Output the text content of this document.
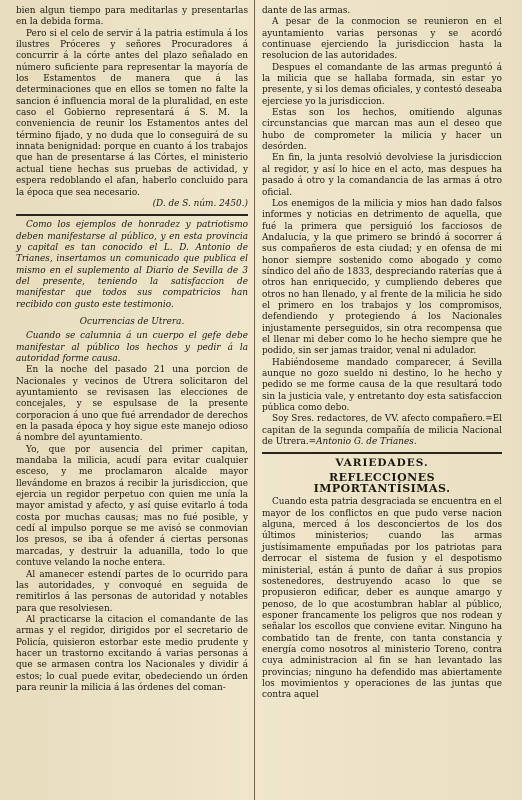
bien algun tiempo para meditarlas y presentarlas en la debida forma.

Pero si el celo de servir á la patria estimula á los ilustres Próceres y señores Procuradores á concurrir á la córte antes del plazo señalado en número suficiente para representar la mayoría de los Estamentos de manera que á las determinaciones que en ellos se tomen no falte la sancion é influencia moral de la pluralidad, en este caso el Gobierno representará á S. M. la conveniencia de reunir los Estamentos antes del término fijado, y no duda que lo conseguirá de su innata benignidad: porque en cuanto á los trabajos que han de presentarse á las Córtes, el ministerio actual tiene hechas sus pruebas de actividad, y espera redoblando el afan, haberlo concluido para la época que sea necesario.

(D. de S. núm. 2450.)

Como los ejemplos de honradez y patriotismo deben manifestarse al público, y en esta provincia y capital es tan conocido el L. D. Antonio de Trianes, insertamos un comunicado que publica el mismo en el suplemento al Diario de Sevilla de 3 del presente, teniendo la satisfaccion de manifestar que todos sus compatricios han recibido con gusto este testimonio.

Ocurrencias de Utrera.

Cuando se calumnia á un cuerpo el gefe debe manifestar al público los hechos y pedir á la autoridad forme causa.

En la noche del pasado 21 una porcion de Nacionales y vecinos de Utrera solicitaron del ayuntamiento se revisasen las elecciones de concejales, y se espulsase de la presente corporacion á uno que fué arrendador de derechos en la pasada época y hoy sigue este manejo odioso á nombre del ayuntamiento.

Yo, que por ausencia del primer capitan, mandaba la milicia, acudí para evitar cualquier esceso, y me proclamaron alcalde mayor llevándome en brazos á recibir la jurisdiccion, que ejercia un regidor perpetuo con quien me unía la mayor amistad y afecto, y así quise evitarlo á toda costa por muchas causas; mas no fué posible, y cedí al impulso porque se me avisó se conmovian los presos, se iba á ofender á ciertas personas marcadas, y destruir la aduanilla, todo lo que contuve velando la noche entera.

Al amanecer estendí partes de lo ocurrido para las autoridades, y convoqué en seguida de remitirlos á las personas de autoridad y notables para que resolviesen.

Al practicarse la citacion el comandante de las armas y el regidor, dirigidos por el secretario de Policía, quisieron estorbar este medio prudente y hacer un trastorno excitando á varias personas á que se armasen contra los Nacionales y dividir á estos; lo cual puede evitar, obedeciendo un órden para reunir la milicia á las órdenes del coman-

dante de las armas.

A pesar de la conmocion se reunieron en el ayuntamiento varias personas y se acordó continuase ejerciendo la jurisdiccion hasta la resolucion de las autoridades.

Despues el comandante de las armas preguntó á la milicia que se hallaba formada, sin estar yo presente, y si los demas oficiales, y contestó deseaba ejerciese yo la jurisdiccion.

Estas son los hechos, omitiendo algunas circunstancias que marcan mas aun el deseo que hubo de comprometer la milicia y hacer un desórden.

En fin, la junta resolvió devolviese la jurisdiccion al regidor, y así lo hice en el acto, mas despues ha pasado á otro y la comandancia de las armas á otro oficial.

Los enemigos de la milicia y mios han dado falsos informes y noticias en detrimento de aquella, que fué la primera que persiguió los facciosos de Andalucía, y la que primero se brindó á socorrer á sus compañeros de esta ciudad; y en ofensa de mi honor siempre sostenido como abogado y como síndico del año de 1833, despreciando raterías que á otros han enriquecido, y cumpliendo deberes que otros no han llenado, y al frente de la milicia he sido el primero en los trabajos y los compromisos, defendiendo y protegiendo á los Nacionales injustamente perseguidos, sin otra recompensa que el llenar mi deber como lo he hecho siempre que he podido, sin ser jamas traidor, venal ni adulador.

Habiéndoseme mandado comparecer, á Sevilla aunque no gozo sueldo ni destino, lo he hecho y pedido se me forme causa de la que resultará todo sin la justicia vale, y entretanto doy esta satisfaccion pública como debo.

Soy Sres. redactores, de VV. afecto compañero.=El capitan de la segunda compañía de milicia Nacional de Utrera.=Antonio G. de Trianes.

VARIEDADES.
REFLECCIONES IMPORTANTÍSIMAS.

Cuando esta patria desgraciada se encuentra en el mayor de los conflictos en que pudo verse nacion alguna, merced á los desconciertos de los dos últimos ministerios; cuando las armas justísimamente empuñadas por los patriotas para derrocar el sistema de fusion y el despotismo ministerial, están á punto de dañar á sus propios sostenedores, destruyendo acaso lo que se propusieron edificar, deber es aunque amargo y penoso, de lo que acostumbran hablar al público, esponer francamente los peligros que nos rodean y señalar los escollos que conviene evitar. Ninguno ha combatido tan de frente, con tanta constancia y energía como nosotros al ministerio Toreno, contra cuya administracion al fin se han levantado las provincias; ninguno ha defendido mas abiertamente los movimientos y operaciones de las juntas que contra aquel
